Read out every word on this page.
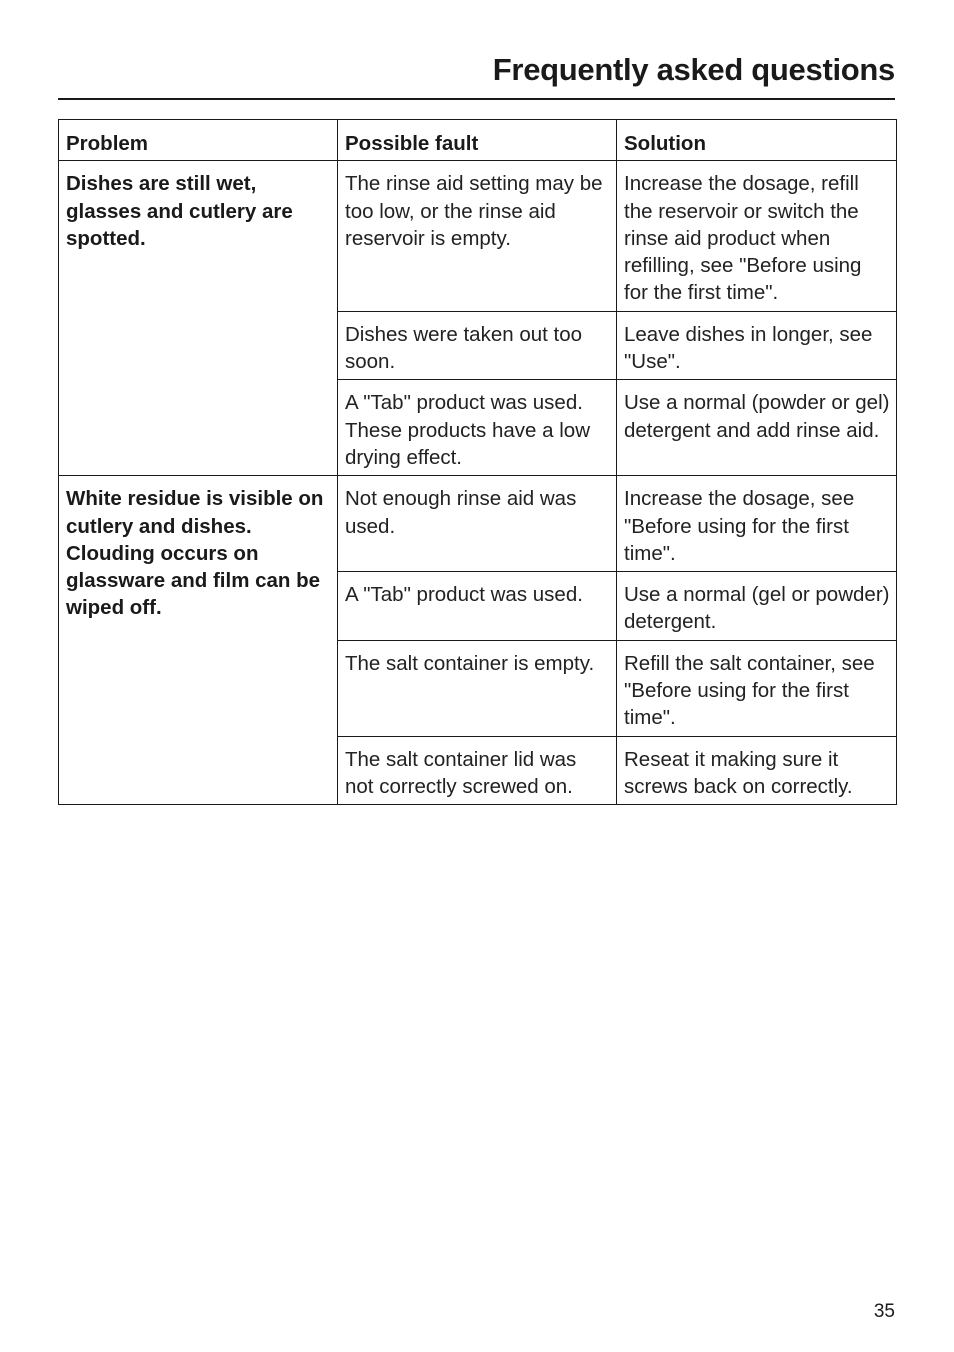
Frequently asked questions
Problem	Possible fault	Solution
Dishes are still wet, glasses and cutlery are spotted.	The rinse aid setting may be too low, or the rinse aid reservoir is empty.	Increase the dosage, refill the reservoir or switch the rinse aid product when refilling, see "Before using for the first time".
	Dishes were taken out too soon.	Leave dishes in longer, see "Use".
	A "Tab" product was used. These products have a low drying effect.	Use a normal (powder or gel) detergent and add rinse aid.
White residue is visible on cutlery and dishes. Clouding occurs on glassware and film can be wiped off.	Not enough rinse aid was used.	Increase the dosage, see "Before using for the first time".
	A "Tab" product was used.	Use a normal (gel or powder) detergent.
	The salt container is empty.	Refill the salt container, see "Before using for the first time".
	The salt container lid was not correctly screwed on.	Reseat it making sure it screws back on correctly.
35
